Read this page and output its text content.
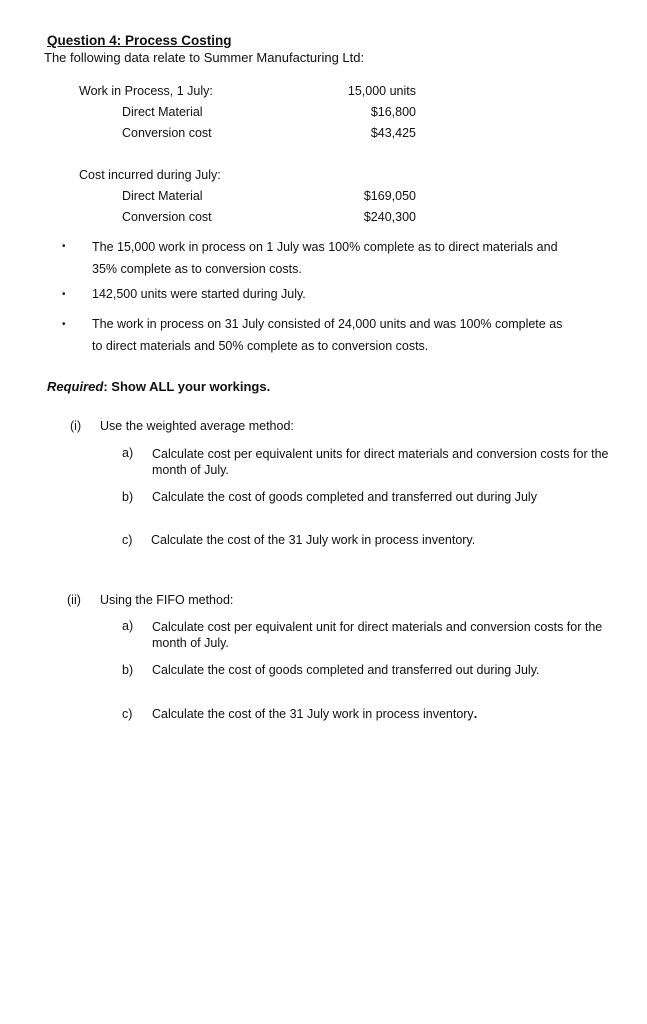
Question 4: Process Costing
The following data relate to Summer Manufacturing Ltd:
Work in Process, 1 July:	15,000 units
Direct Material	$16,800
Conversion cost	$43,425
Cost incurred during July:
Direct Material	$169,050
Conversion cost	$240,300
• The 15,000 work in process on 1 July was 100% complete as to direct materials and
35% complete as to conversion costs.
• 142,500 units were started during July.
• The work in process on 31 July consisted of 24,000 units and was 100% complete as
to direct materials and 50% complete as to conversion costs.
Required: Show ALL your workings.
(i) Use the weighted average method:
a) Calculate cost per equivalent units for direct materials and conversion costs for the month of July.
b) Calculate the cost of goods completed and transferred out during July
c) Calculate the cost of the 31 July work in process inventory.
(ii) Using the FIFO method:
a) Calculate cost per equivalent unit for direct materials and conversion costs for the month of July.
b) Calculate the cost of goods completed and transferred out during July.
c) Calculate the cost of the 31 July work in process inventory.
